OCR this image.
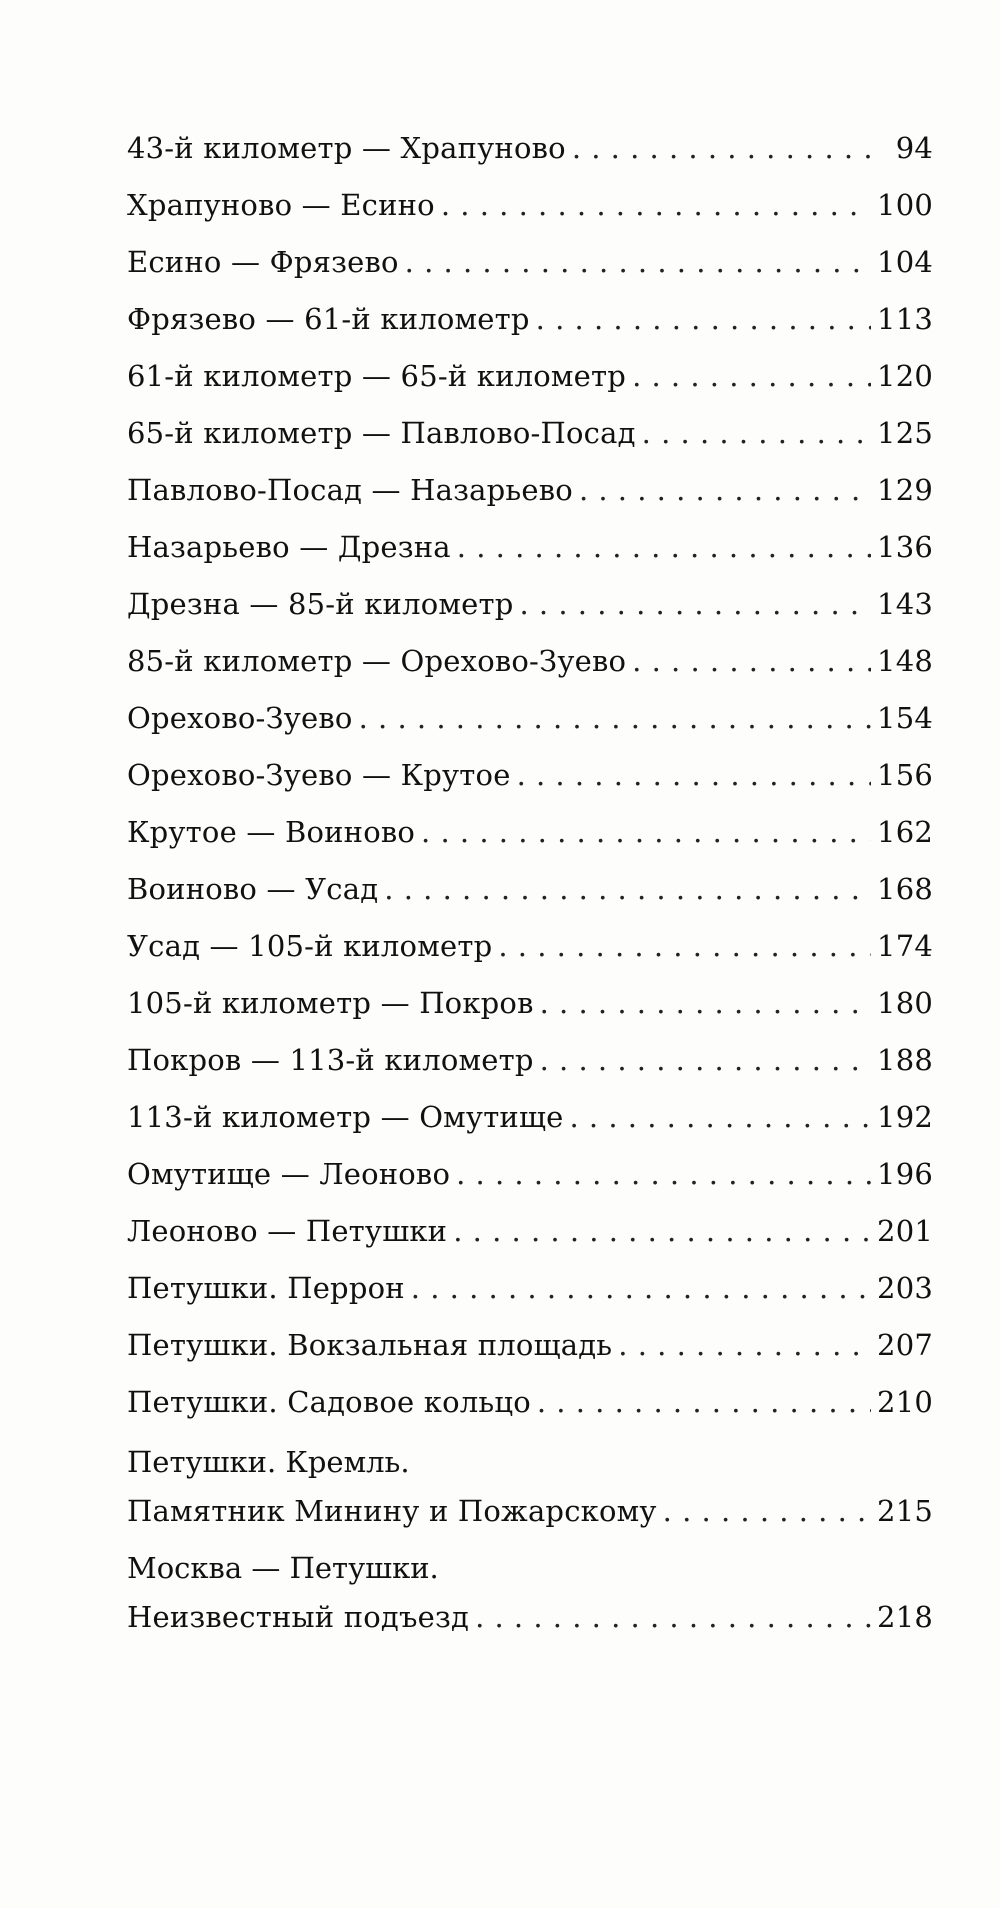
43-й километр — Храпуново . . .	94
Храпуново — Есино . . .	100
Есино — Фрязево . . .	104
Фрязево — 61-й километр . . .	113
61-й километр — 65-й километр . . .	120
65-й километр — Павлово-Посад . . .	125
Павлово-Посад — Назарьево . . .	129
Назарьево — Дрезна . . .	136
Дрезна — 85-й километр . . .	143
85-й километр — Орехово-Зуево . . .	148
Орехово-Зуево . . .	154
Орехово-Зуево — Крутое . . .	156
Крутое — Воиново . . .	162
Воиново — Усад . . .	168
Усад — 105-й километр . . .	174
105-й километр — Покров . . .	180
Покров — 113-й километр . . .	188
113-й километр — Омутище . . .	192
Омутище — Леоново . . .	196
Леоново — Петушки . . .	201
Петушки. Перрон . . .	203
Петушки. Вокзальная площадь . . .	207
Петушки. Садовое кольцо . . .	210
Петушки. Кремль.
Памятник Минину и Пожарскому . . .	215
Москва — Петушки.
Неизвестный подъезд . . .	218
